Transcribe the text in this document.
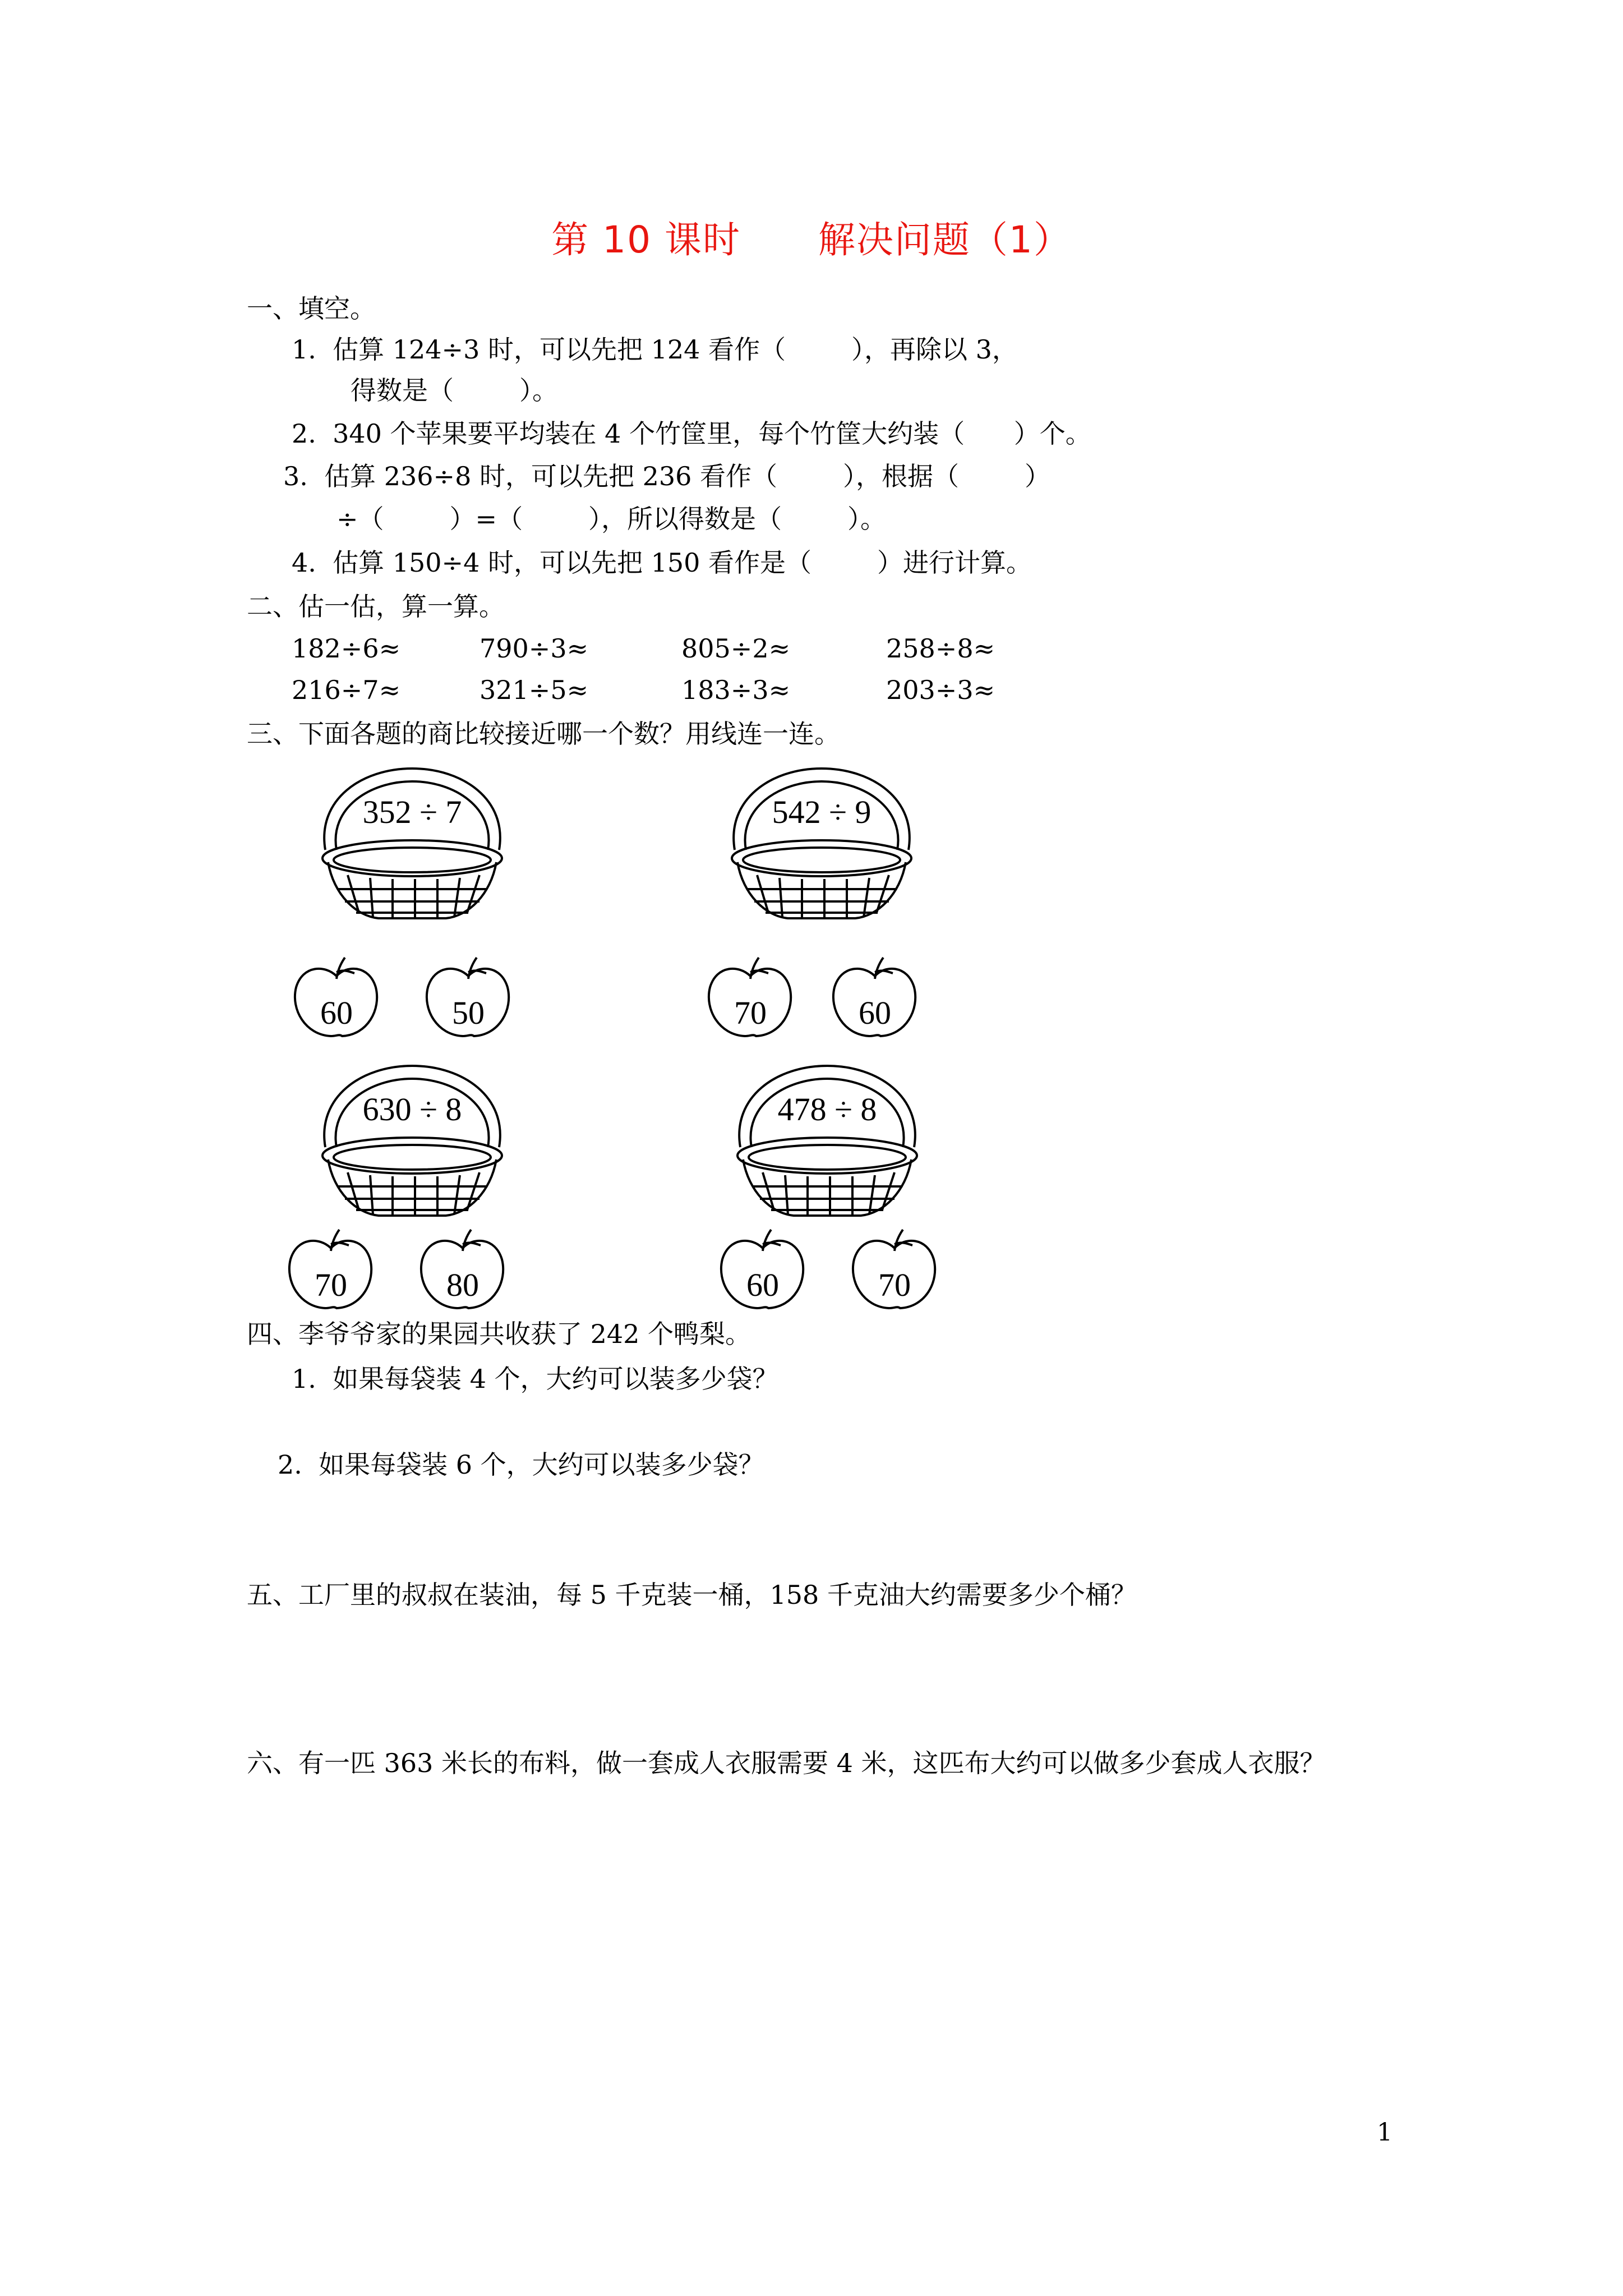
第 10 课时      解决问题（1）
一、填空。
1.  估算 124÷3 时，可以先把 124 看作（        ），再除以 3，
得数是（        ）。
2.  340 个苹果要平均装在 4 个竹筐里，每个竹筐大约装（      ）个。
3.  估算 236÷8 时，可以先把 236 看作（        ），根据（        ）
÷（        ）=（        ），所以得数是（        ）。
4.  估算 150÷4 时，可以先把 150 看作是（        ）进行计算。
二、估一估，算一算。
182÷6≈	790÷3≈	805÷2≈	258÷8≈
216÷7≈	321÷5≈	183÷3≈	203÷3≈
三、下面各题的商比较接近哪一个数？用线连一连。
352 ÷ 7	542 ÷ 9
60	50	70	60
630 ÷ 8	478 ÷ 8
70	80	60	70
四、李爷爷家的果园共收获了 242 个鸭梨。
1.  如果每袋装 4 个，大约可以装多少袋？
2.  如果每袋装 6 个，大约可以装多少袋？
五、工厂里的叔叔在装油，每 5 千克装一桶，158 千克油大约需要多少个桶？
六、有一匹 363 米长的布料，做一套成人衣服需要 4 米，这匹布大约可以做多少套成人衣服？
1
